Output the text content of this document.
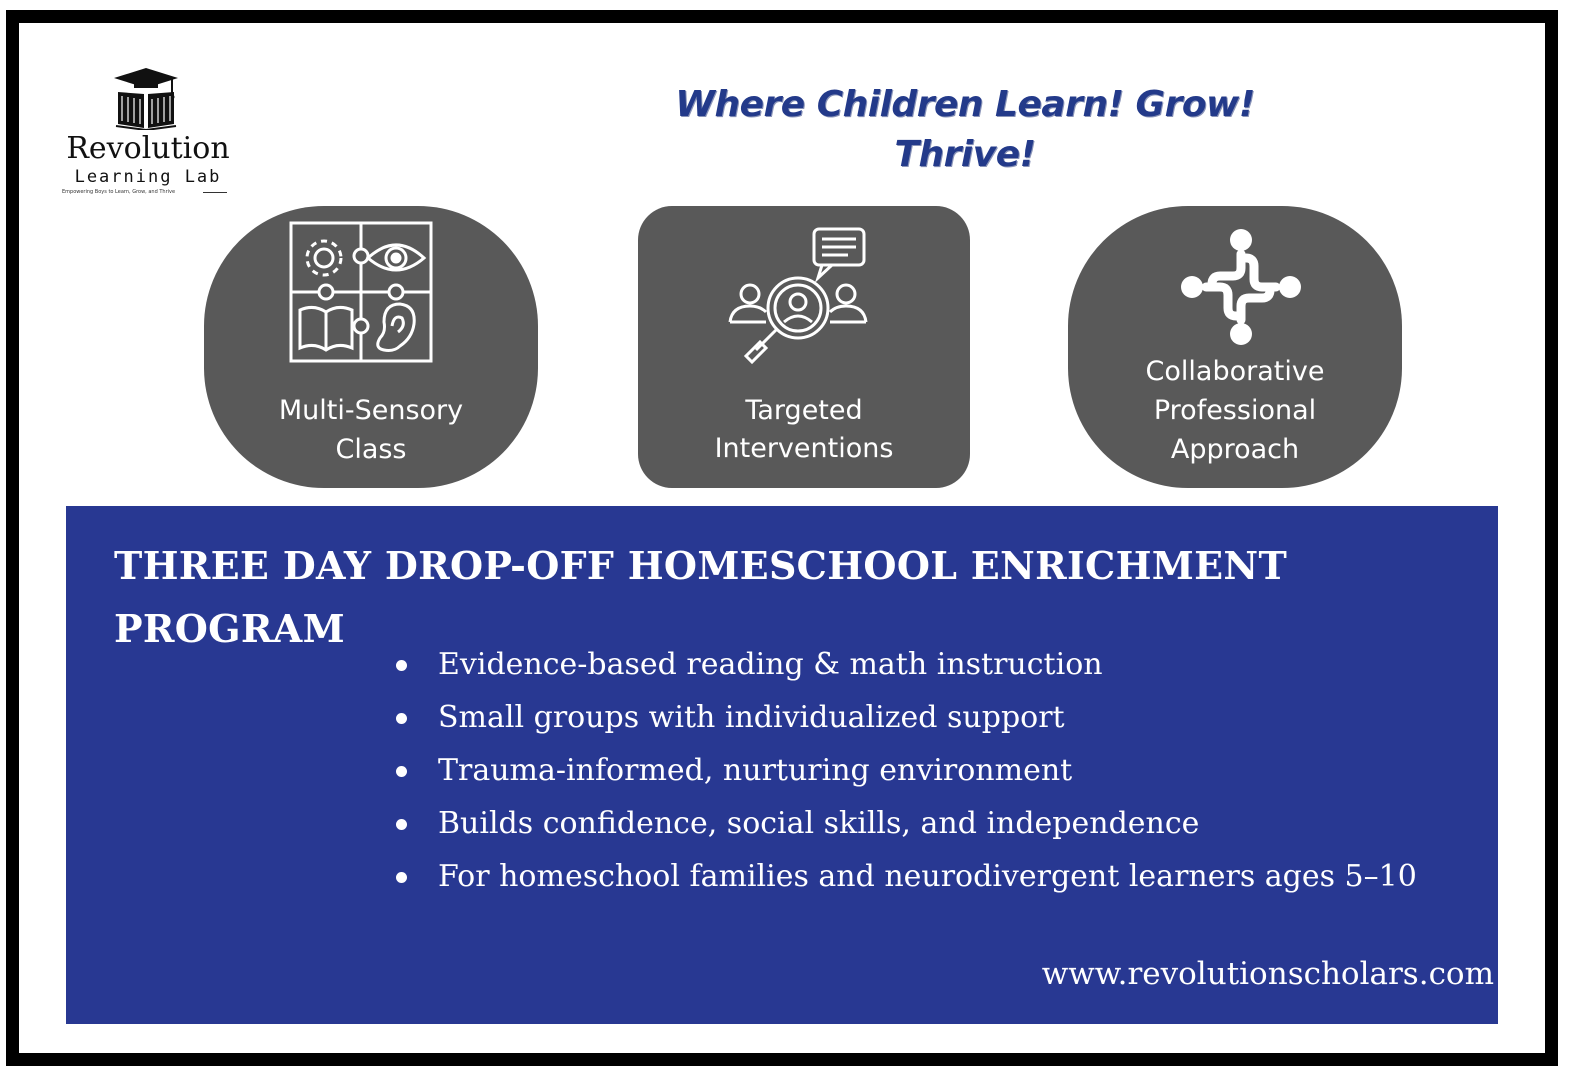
Revolution
Learning Lab
Empowering Boys to Learn, Grow, and Thrive
Where Children Learn! Grow! Thrive!
Multi-Sensory
Class
Targeted
Interventions
Collaborative
Professional
Approach
THREE DAY DROP-OFF HOMESCHOOL ENRICHMENT
PROGRAM
Evidence-based reading & math instruction
Small groups with individualized support
Trauma-informed, nurturing environment
Builds confidence, social skills, and independence
For homeschool families and neurodivergent learners ages 5–10
www.revolutionscholars.com
